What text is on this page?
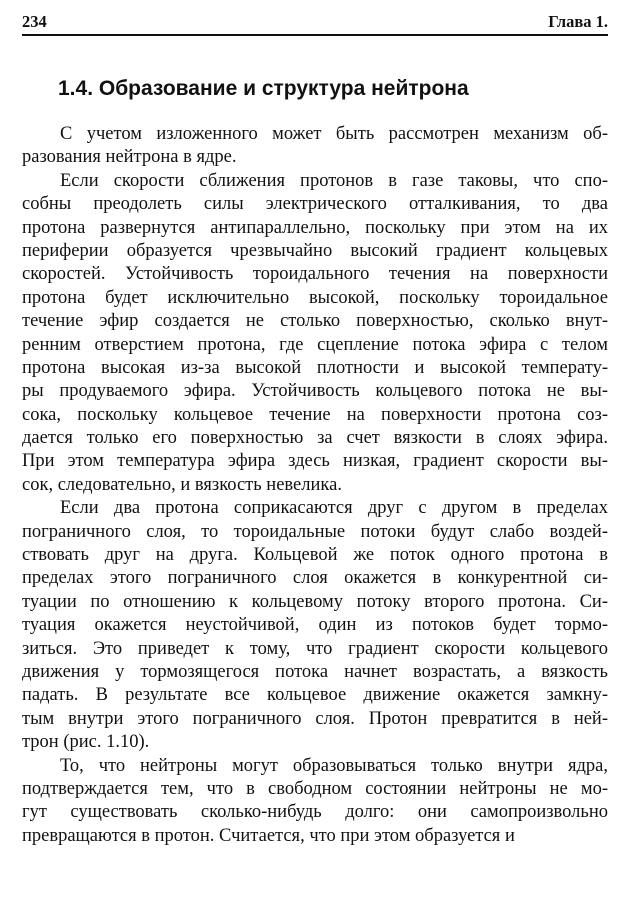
234	Глава 1.
1.4. Образование и структура нейтрона

С учетом изложенного может быть рассмотрен механизм об-
разования нейтрона в ядре.

Если скорости сближения протонов в газе таковы, что спо-
собны преодолеть силы электрического отталкивания, то два
протона развернутся антипараллельно, поскольку при этом на их
периферии образуется чрезвычайно высокий градиент кольцевых
скоростей. Устойчивость тороидального течения на поверхности
протона будет исключительно высокой, поскольку тороидальное
течение эфир создается не столько поверхностью, сколько внут-
ренним отверстием протона, где сцепление потока эфира с телом
протона высокая из-за высокой плотности и высокой температу-
ры продуваемого эфира. Устойчивость кольцевого потока не вы-
сока, поскольку кольцевое течение на поверхности протона соз-
дается только его поверхностью за счет вязкости в слоях эфира.
При этом температура эфира здесь низкая, градиент скорости вы-
сок, следовательно, и вязкость невелика.

Если два протона соприкасаются друг с другом в пределах
пограничного слоя, то тороидальные потоки будут слабо воздей-
ствовать друг на друга. Кольцевой же поток одного протона в
пределах этого пограничного слоя окажется в конкурентной си-
туации по отношению к кольцевому потоку второго протона. Си-
туация окажется неустойчивой, один из потоков будет тормо-
зиться. Это приведет к тому, что градиент скорости кольцевого
движения у тормозящегося потока начнет возрастать, а вязкость
падать. В результате все кольцевое движение окажется замкну-
тым внутри этого пограничного слоя. Протон превратится в ней-
трон (рис. 1.10).

То, что нейтроны могут образовываться только внутри ядра,
подтверждается тем, что в свободном состоянии нейтроны не мо-
гут существовать сколько-нибудь долго: они самопроизвольно
превращаются в протон. Считается, что при этом образуется и
